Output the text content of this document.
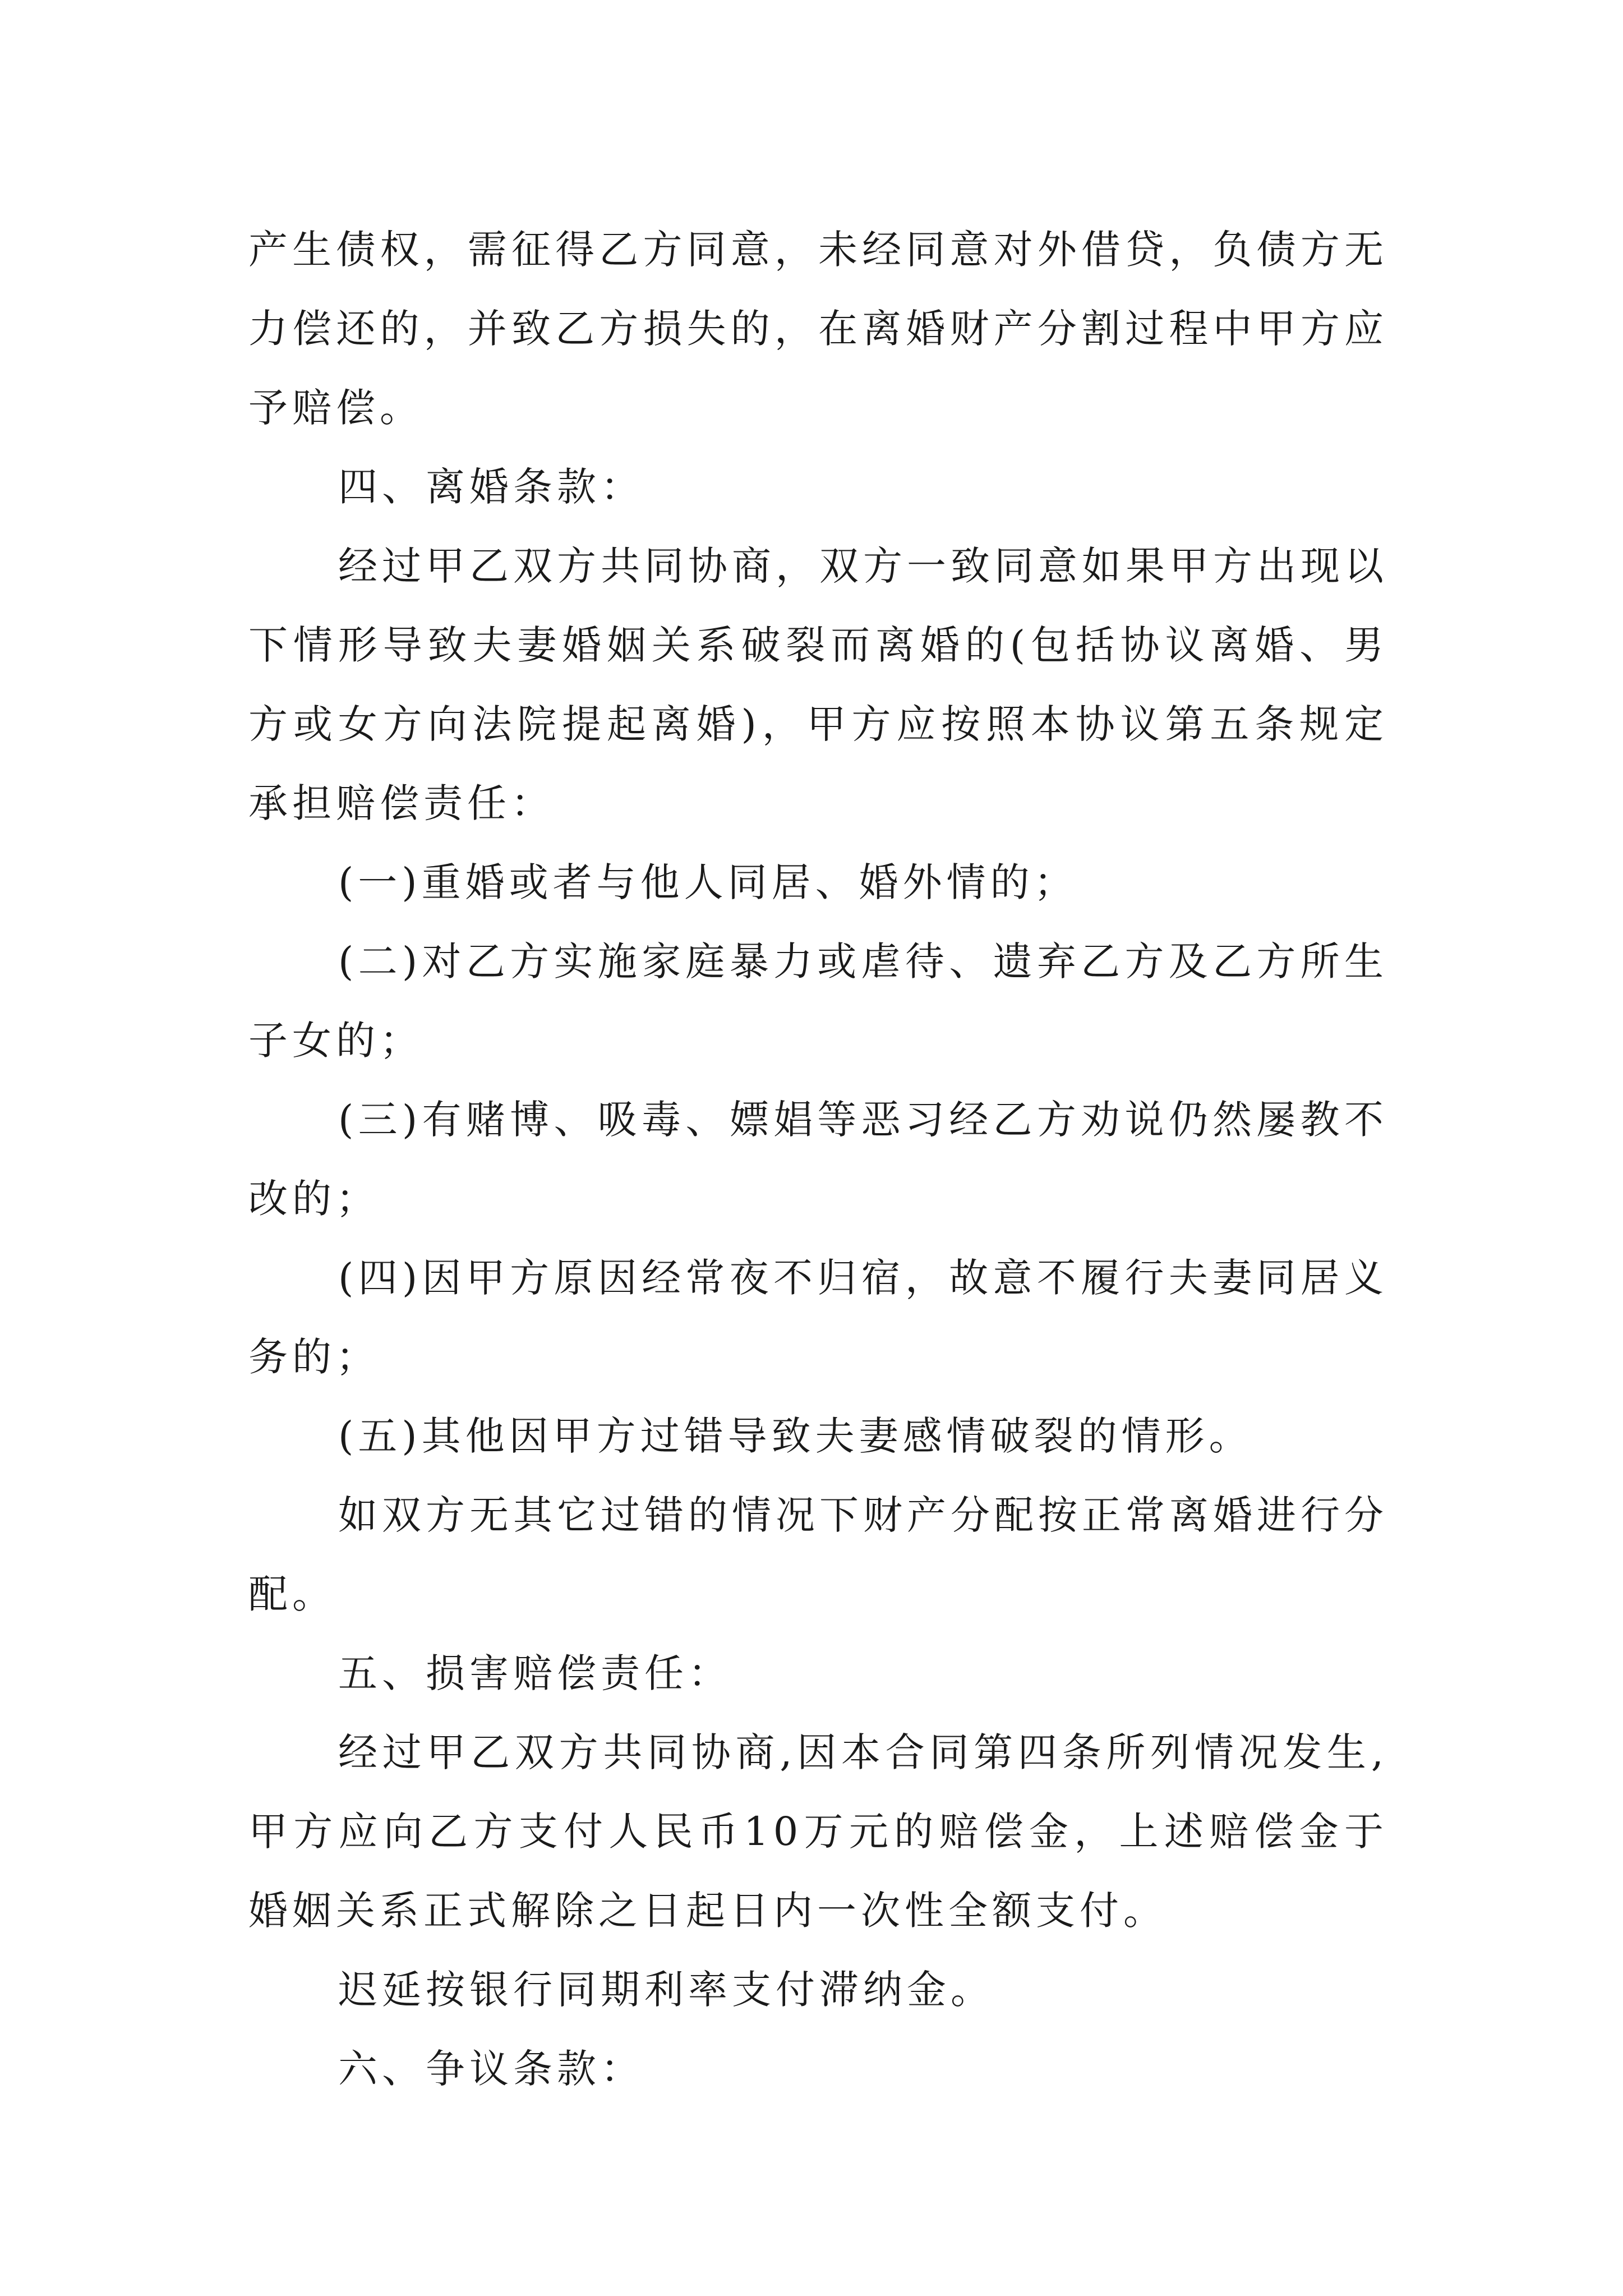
产生债权，需征得乙方同意，未经同意对外借贷，负债方无力偿还的，并致乙方损失的，在离婚财产分割过程中甲方应予赔偿。

四、离婚条款：

经过甲乙双方共同协商，双方一致同意如果甲方出现以下情形导致夫妻婚姻关系破裂而离婚的(包括协议离婚、男方或女方向法院提起离婚)，甲方应按照本协议第五条规定承担赔偿责任：

(一)重婚或者与他人同居、婚外情的；

(二)对乙方实施家庭暴力或虐待、遗弃乙方及乙方所生子女的；

(三)有赌博、吸毒、嫖娼等恶习经乙方劝说仍然屡教不改的；

(四)因甲方原因经常夜不归宿，故意不履行夫妻同居义务的；

(五)其他因甲方过错导致夫妻感情破裂的情形。

如双方无其它过错的情况下财产分配按正常离婚进行分配。

五、损害赔偿责任：

经过甲乙双方共同协商,因本合同第四条所列情况发生,甲方应向乙方支付人民币10万元的赔偿金，上述赔偿金于婚姻关系正式解除之日起日内一次性全额支付。

迟延按银行同期利率支付滞纳金。

六、争议条款：
